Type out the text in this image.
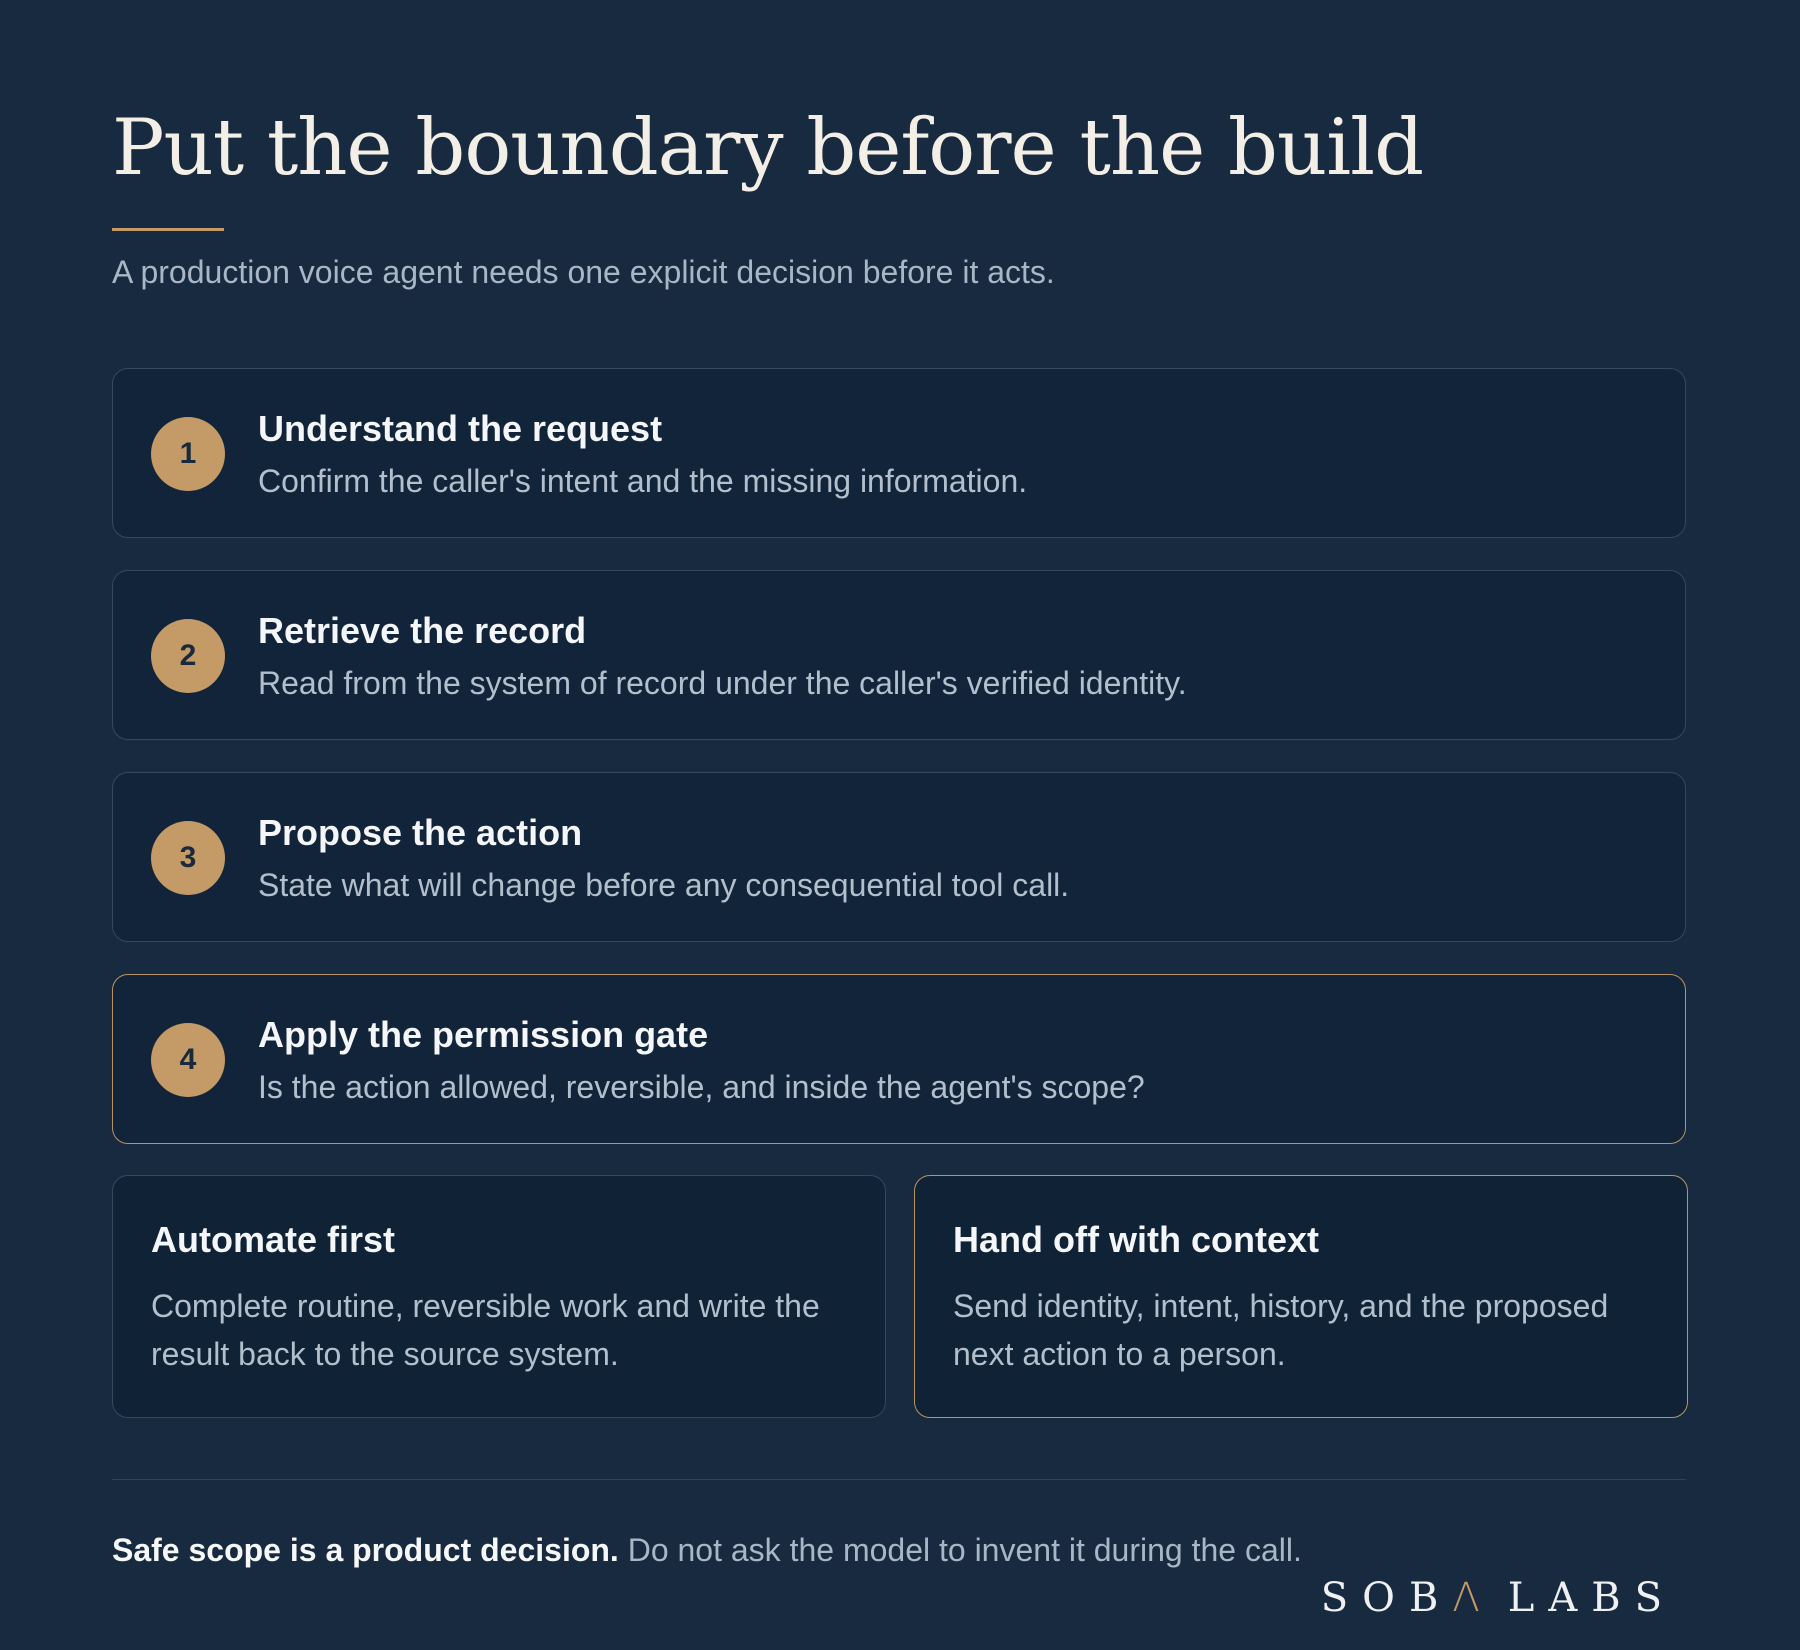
Put the boundary before the build
A production voice agent needs one explicit decision before it acts.
1
Understand the request
Confirm the caller's intent and the missing information.
2
Retrieve the record
Read from the system of record under the caller's verified identity.
3
Propose the action
State what will change before any consequential tool call.
4
Apply the permission gate
Is the action allowed, reversible, and inside the agent's scope?
Automate first
Complete routine, reversible work and write the result back to the source system.
Hand off with context
Send identity, intent, history, and the proposed next action to a person.
Safe scope is a product decision. Do not ask the model to invent it during the call.
SOBΛ LABS
